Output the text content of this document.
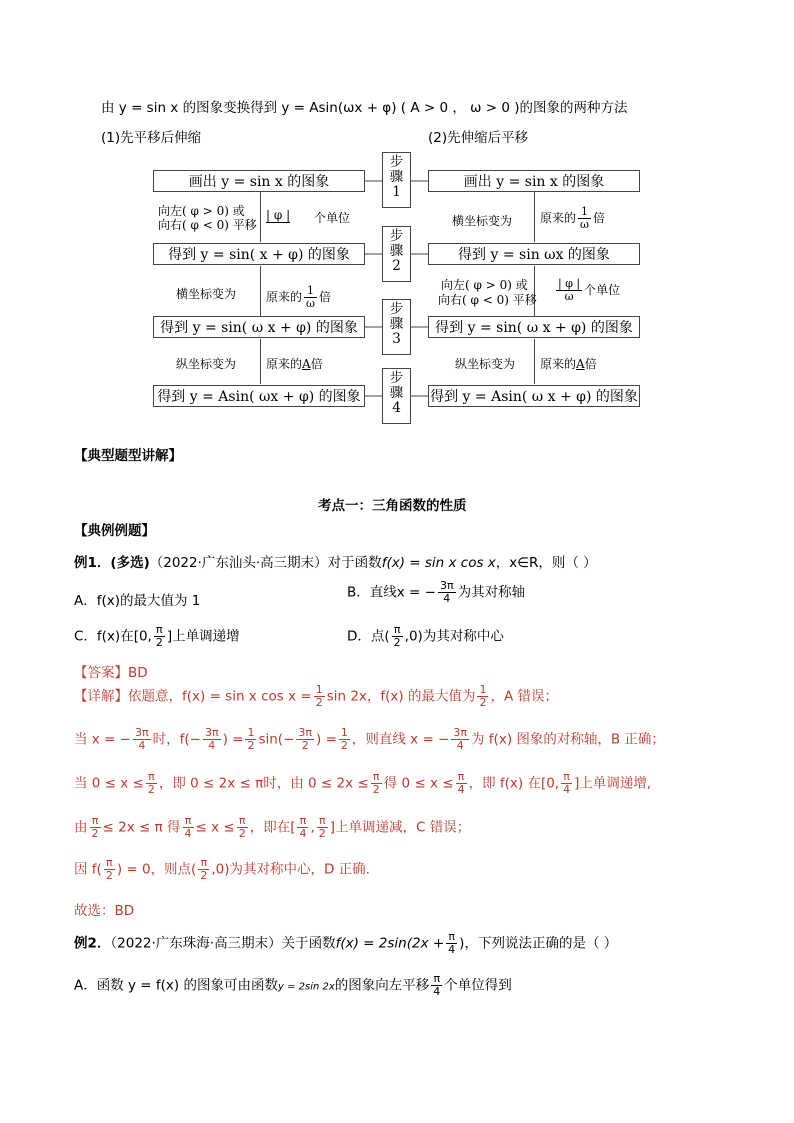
由 y = sin x 的图象变换得到 y = Asin(ωx + φ) ( A > 0 ， ω > 0 )的图象的两种方法
(1)先平移后伸缩	(2)先伸缩后平移
画出 y = sin x 的图象
得到 y = sin( x + φ) 的图象
得到 y = sin( ω x + φ) 的图象
得到 y = Asin( ωx + φ) 的图象
画出 y = sin x 的图象
得到 y = sin ωx 的图象
得到 y = sin( ω x + φ) 的图象
得到 y = Asin( ω x + φ) 的图象
步
骤
1
步
骤
2
步
骤
3
步
骤
4
向左( φ > 0) 或
向右( φ < 0) 平移
| φ | 个单位
横坐标变为 原来的 $\frac{1}{\omega}$ 倍
纵坐标变为 原来的A倍
横坐标变为 原来的 $\frac{1}{\omega}$ 倍
向左( φ > 0) 或
向右( φ < 0) 平移 $\frac{| \varphi |}{\omega}$ 个单位
纵坐标变为 原来的A倍
【典型题型讲解】
考点一：三角函数的性质
【典例例题】
例1．(多选)（2022·广东汕头·高三期末）对于函数f(x) = sin x cos x，x∈R，则（ ）
A．f(x)的最大值为 1
B．直线x = − $\frac{3\pi}{4}$ 为其对称轴
C．f(x)在[0, $\frac{\pi}{2}$ ]上单调递增	D．点( $\frac{\pi}{2} ,0$)为其对称中心
【答案】BD
【详解】依题意，f(x) = sin x $\cos x = \frac{1}{2}$ sin 2x，f(x) 的最大值为 $\frac{1}{2}$ ，A 错误；
当 x = − $\frac{3\pi}{4}$ 时，$f(- \frac{3\pi}{4}$ ) = $\frac{1}{2} \sin(- \frac{3\pi}{2}$ ) = $\frac{1}{2}$ ，则直线 x = − $\frac{3\pi}{4}$ 为 f(x) 图象的对称轴，B 正确；
当 $0 \le x \le \frac{\pi}{2}$ ，即 0 ≤ 2x ≤ π时，由 $0 \le 2x \le \frac{\pi}{2}$ 得 $0 \le x \le \frac{\pi}{4}$ ，即 f(x) 在[0, $\frac{\pi}{4}$ ]上单调递增,
由 $\frac{\pi}{2} \le 2x \le \pi$ 得 $\frac{\pi}{4} \le x \le \frac{\pi}{2}$ ，即在[ $\frac{\pi}{4}$ , $\frac{\pi}{2}$ ]上单调递减，C 错误；
因 $f( \frac{\pi}{2}$ ) = 0，则点( $\frac{\pi}{2} ,0$)为其对称中心，D 正确.
故选：BD
例2．（2022·广东珠海·高三期末）关于函数$f(x) = 2\sin(2x + \frac{\pi}{4}$ )，下列说法正确的是（ ）
A．函数 y = f(x) 的图象可由函数y = 2sin 2x的图象向左平移 $\frac{\pi}{4}$ 个单位得到
